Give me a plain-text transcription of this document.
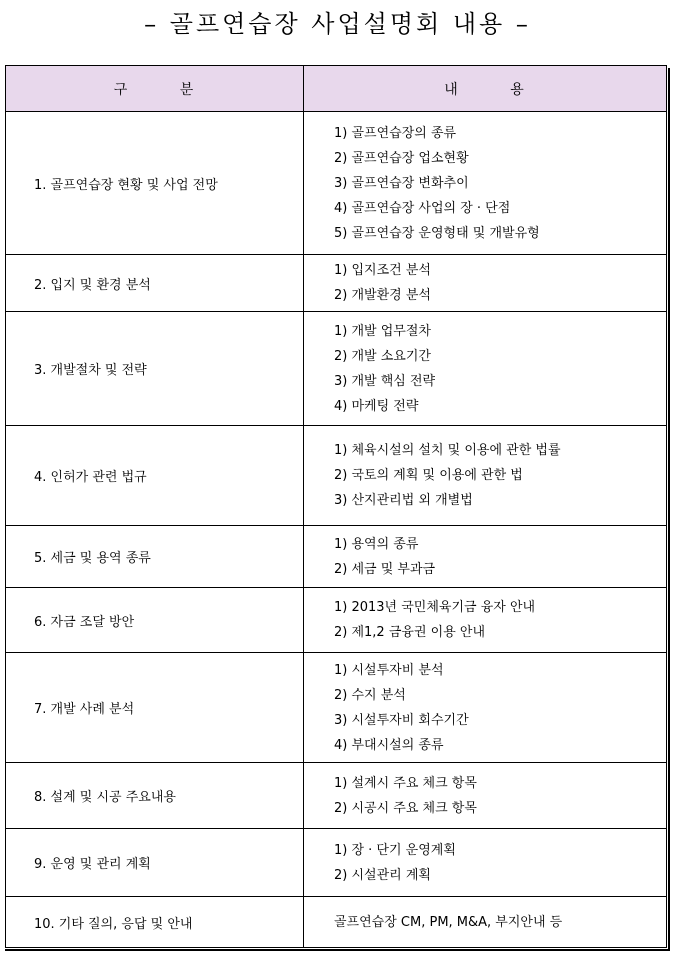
– 골프연습장 사업설명회 내용 –
구 분	내 용
1. 골프연습장 현황 및 사업 전망
1) 골프연습장의 종류
2) 골프연습장 업소현황
3) 골프연습장 변화추이
4) 골프연습장 사업의 장 · 단점
5) 골프연습장 운영형태 및 개발유형
2. 입지 및 환경 분석
1) 입지조건 분석
2) 개발환경 분석
3. 개발절차 및 전략
1) 개발 업무절차
2) 개발 소요기간
3) 개발 핵심 전략
4) 마케팅 전략
4. 인허가 관련 법규
1) 체육시설의 설치 및 이용에 관한 법률
2) 국토의 계획 및 이용에 관한 법
3) 산지관리법 외 개별법
5. 세금 및 용역 종류
1) 용역의 종류
2) 세금 및 부과금
6. 자금 조달 방안
1) 2013년 국민체육기금 융자 안내
2) 제1,2 금융권 이용 안내
7. 개발 사례 분석
1) 시설투자비 분석
2) 수지 분석
3) 시설투자비 회수기간
4) 부대시설의 종류
8. 설계 및 시공 주요내용
1) 설계시 주요 체크 항목
2) 시공시 주요 체크 항목
9. 운영 및 관리 계획
1) 장 · 단기 운영계획
2) 시설관리 계획
10. 기타 질의, 응답 및 안내	골프연습장 CM, PM, M&A, 부지안내 등
